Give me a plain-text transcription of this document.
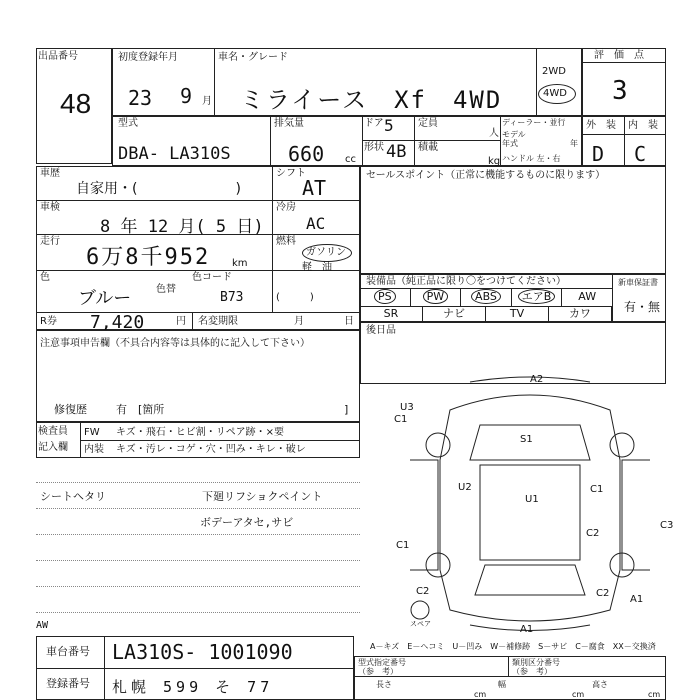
出品番号
48
初度登録年月
23 9 月
車名・グレード
ミライース　Xf　4WD
2WD
4WD
評　価　点
3
型式
DBA- LA310S
排気量
660 cc
ドア 5
形状 4B
定員
人
積載
kg
ディーラー・並行
モデル
年式	年
ハンドル 左・右
外　装 内　装
D C
車歴
自家用・(　　　　　　　)
シフト
AT
車検
8 年 12 月( 5 日)
冷房
AC
走行
6万8千952 km
燃料
ガソリン
軽　油
色
ブルー 色替
色コード
B73	(　　　)
R券 7,420	円 名変期限	月	日
セールスポイント（正常に機能するものに限ります）
装備品（純正品に限り〇をつけてください）	新車保証書
有・無
PS	PW	ABS	エアB	AW
SR	ナビ	TV	カワ
後日品
注意事項申告欄（不具合内容等は具体的に記入して下さい）
修復歴	有　[箇所	]
検査員
記入欄
FW キズ・飛石・ヒビ割・リペア跡・×要
内装 キズ・汚レ・コゲ・穴・凹み・キレ・破レ
シートヘタリ	下廻リフショクペイント
ボデーアタセ,サビ
AW
A2
U3
C1
S1
U1
U2	C1
C2
C3
C1
C2
A1
C2
A1
スペア
A－キズ　E－ヘコミ　U－凹み　W－補修跡　S－サビ　C－腐食　XX－交換済
車台番号 LA310S- 1001090
登録番号 札幌 599 そ 77
型式指定番号
（参　考）
類別区分番号
（参　考）
長さ
cm
幅
cm
高さ
cm
